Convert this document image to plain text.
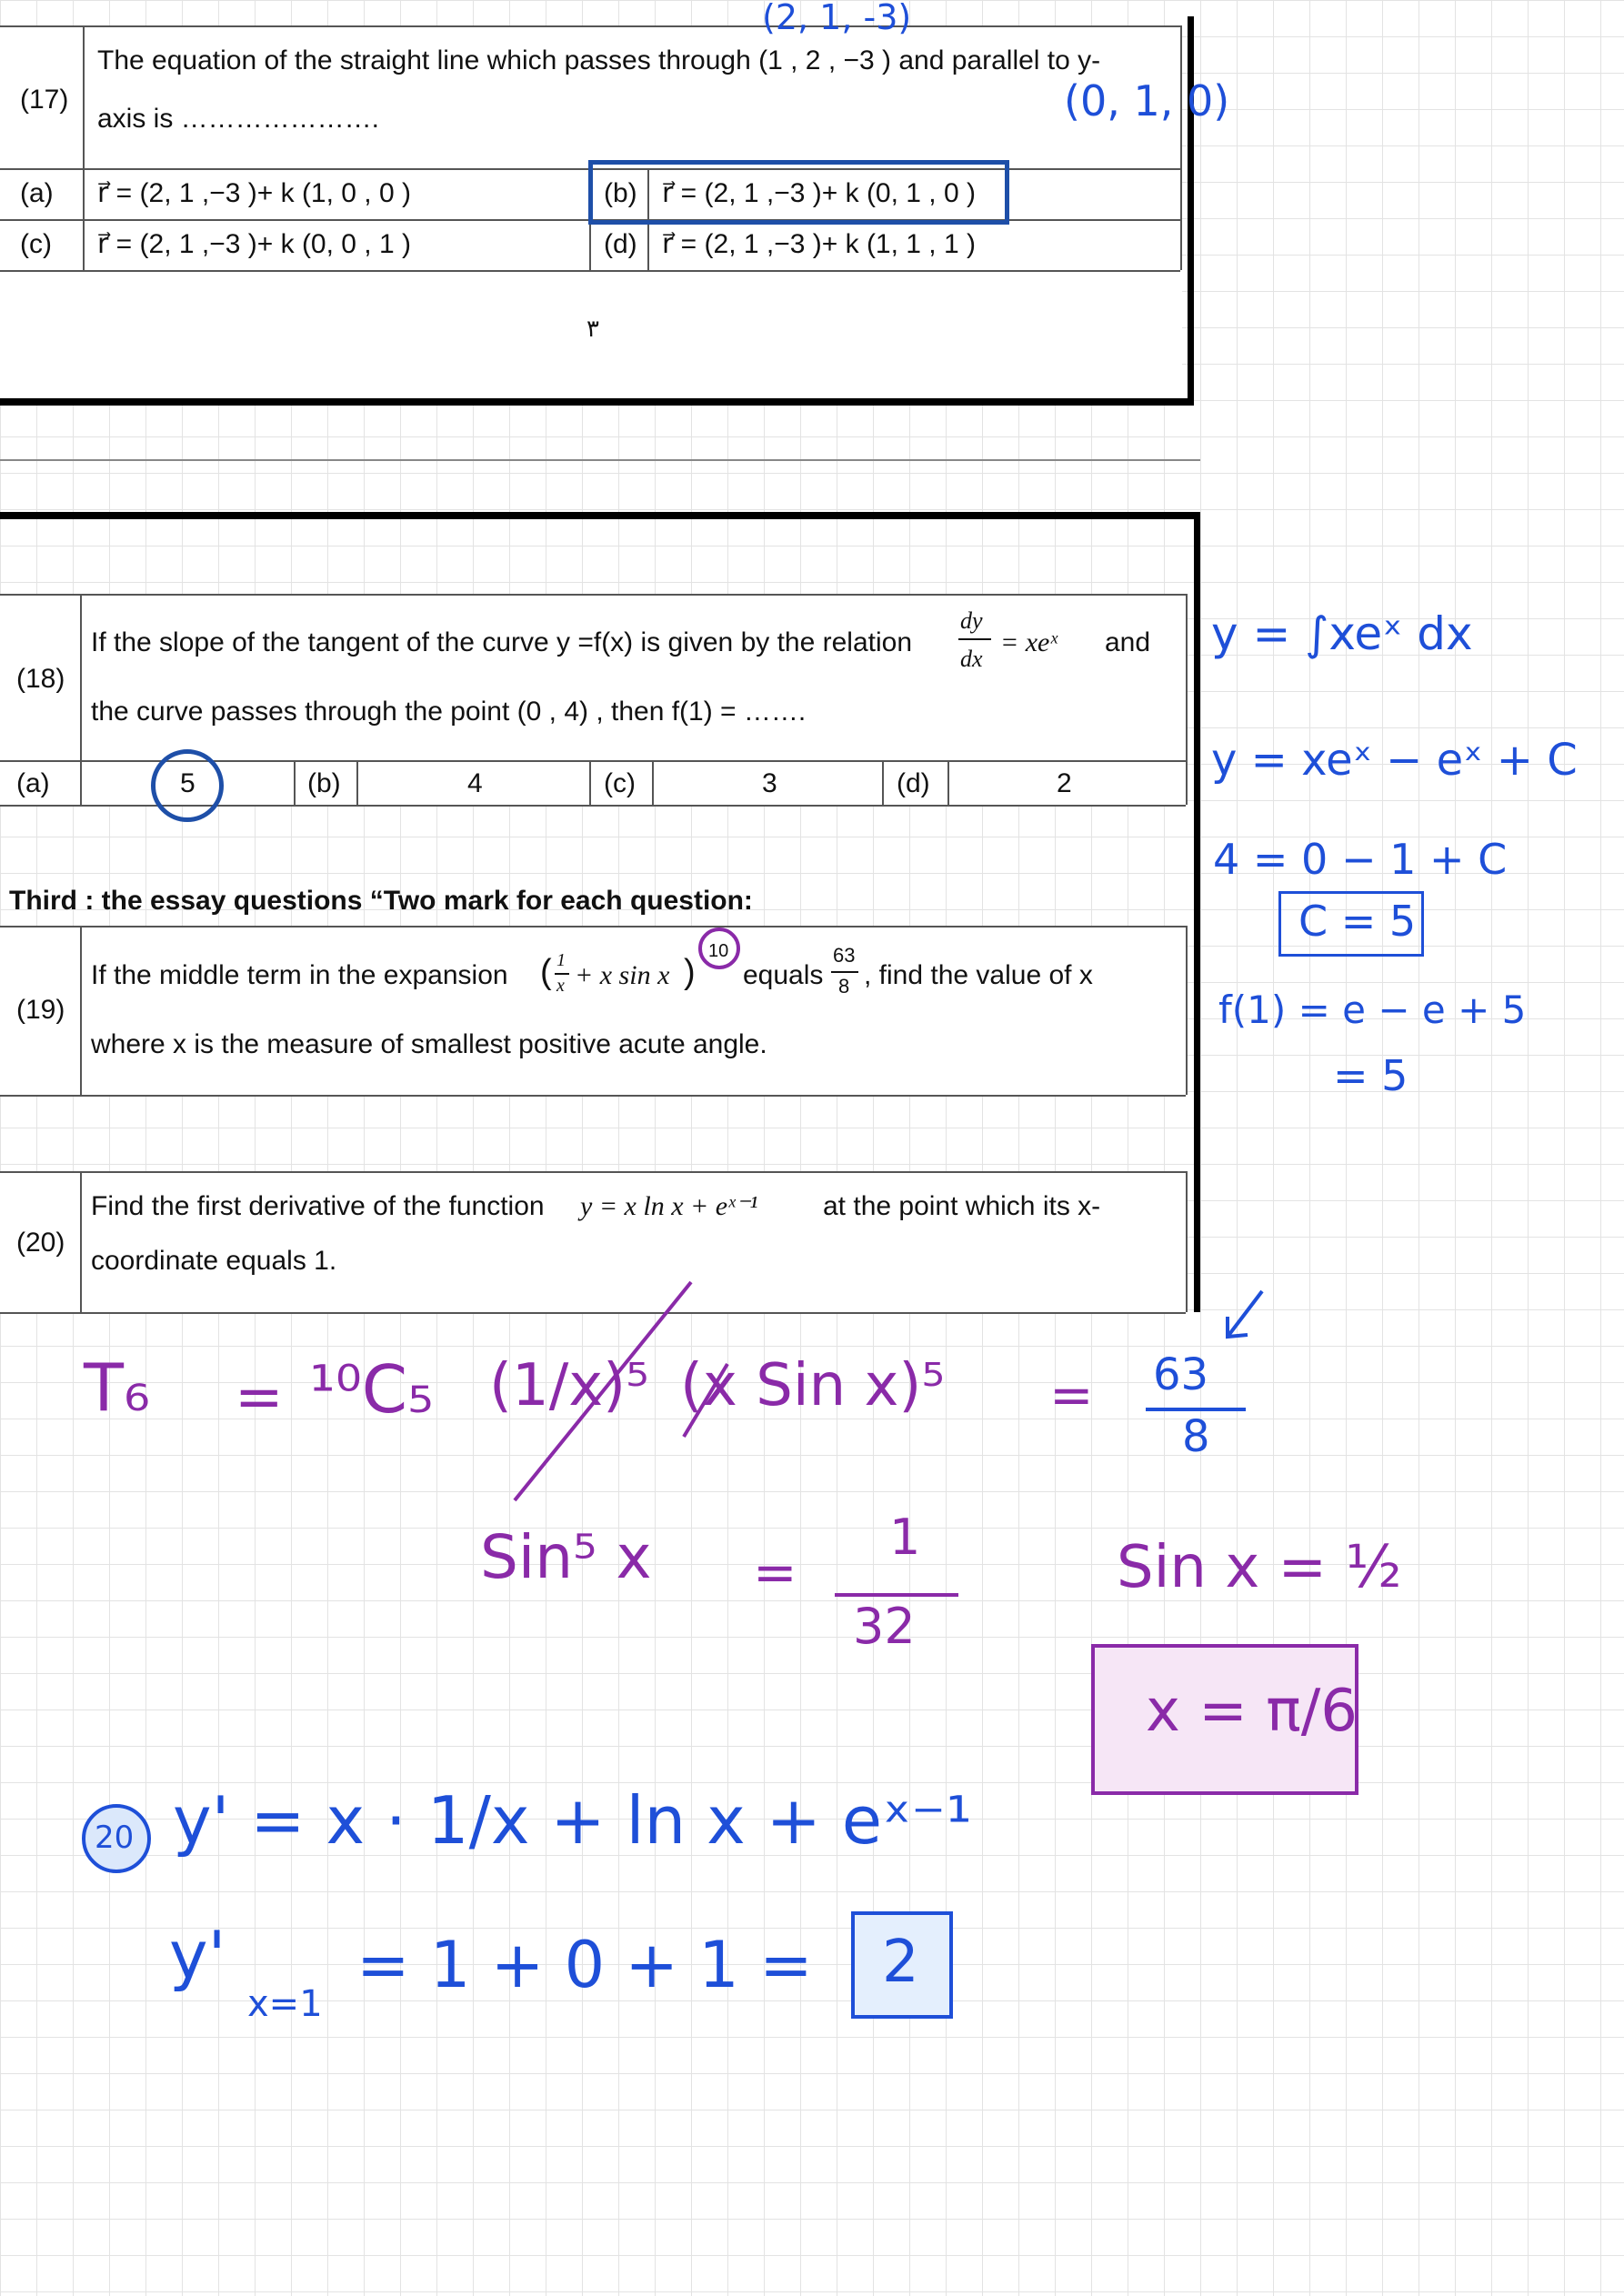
(17)
The equation of the straight line which passes through (1 , 2 , −3 ) and parallel to y-
axis is ………………….
(a) r⃗ = (2, 1 ,−3 )+ k (1, 0 , 0 )	(b) r⃗ = (2, 1 ,−3 )+ k (0, 1 , 0 )
(c) r⃗ = (2, 1 ,−3 )+ k (0, 0 , 1 )	(d) r⃗ = (2, 1 ,−3 )+ k (1, 1 , 1 )
٣
(2, 1, -3)
(0, 1, 0)
(18)
If the slope of the tangent of the curve y =f(x) is given by the relation
dy
dx
= xeˣ and
the curve passes through the point (0 , 4) , then f(1) = …….
(a)	5	(b)	4	(c)	3	(d)	2
y = ∫xeˣ dx
y = xeˣ − eˣ + C
4 = 0 − 1 + C
C = 5
f(1) = e − e + 5
= 5
Third : the essay questions “Two mark for each question:
(19)
If the middle term in the expansion ( 1
x + x sin x )
10
equals
63
8 , find the value of x
where x is the measure of smallest positive acute angle.
(20)
Find the first derivative of the function y = x ln x + eˣ⁻¹ at the point which its x-
coordinate equals 1.
T₆ = ¹⁰C₅ (1/x)⁵ (x Sin x)⁵ = 63
8
Sin⁵ x =
1
32
Sin x = ½
x = π/6
20 y' = x · 1/x + ln x + eˣ⁻¹
y'
x=1
= 1 + 0 + 1 = 2
